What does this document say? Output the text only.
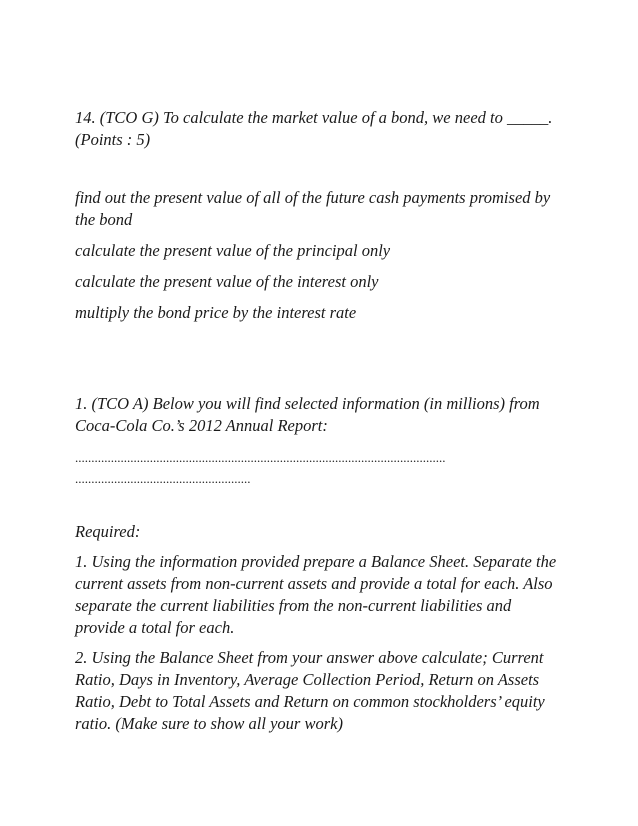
14. (TCO G) To calculate the market value of a bond, we need to _____.
(Points : 5)
find out the present value of all of the future cash payments promised by the bond
calculate the present value of the principal only
calculate the present value of the interest only
multiply the bond price by the interest rate
1. (TCO A) Below you will find selected information (in millions) from Coca-Cola Co.’s 2012 Annual Report:
..................................................................................................................
......................................................

Required:

1. Using the information provided prepare a Balance Sheet. Separate the current assets from non-current assets and provide a total for each. Also separate the current liabilities from the non-current liabilities and provide a total for each.

2. Using the Balance Sheet from your answer above calculate; Current Ratio, Days in Inventory, Average Collection Period, Return on Assets Ratio, Debt to Total Assets and Return on common stockholders’ equity ratio. (Make sure to show all your work)
